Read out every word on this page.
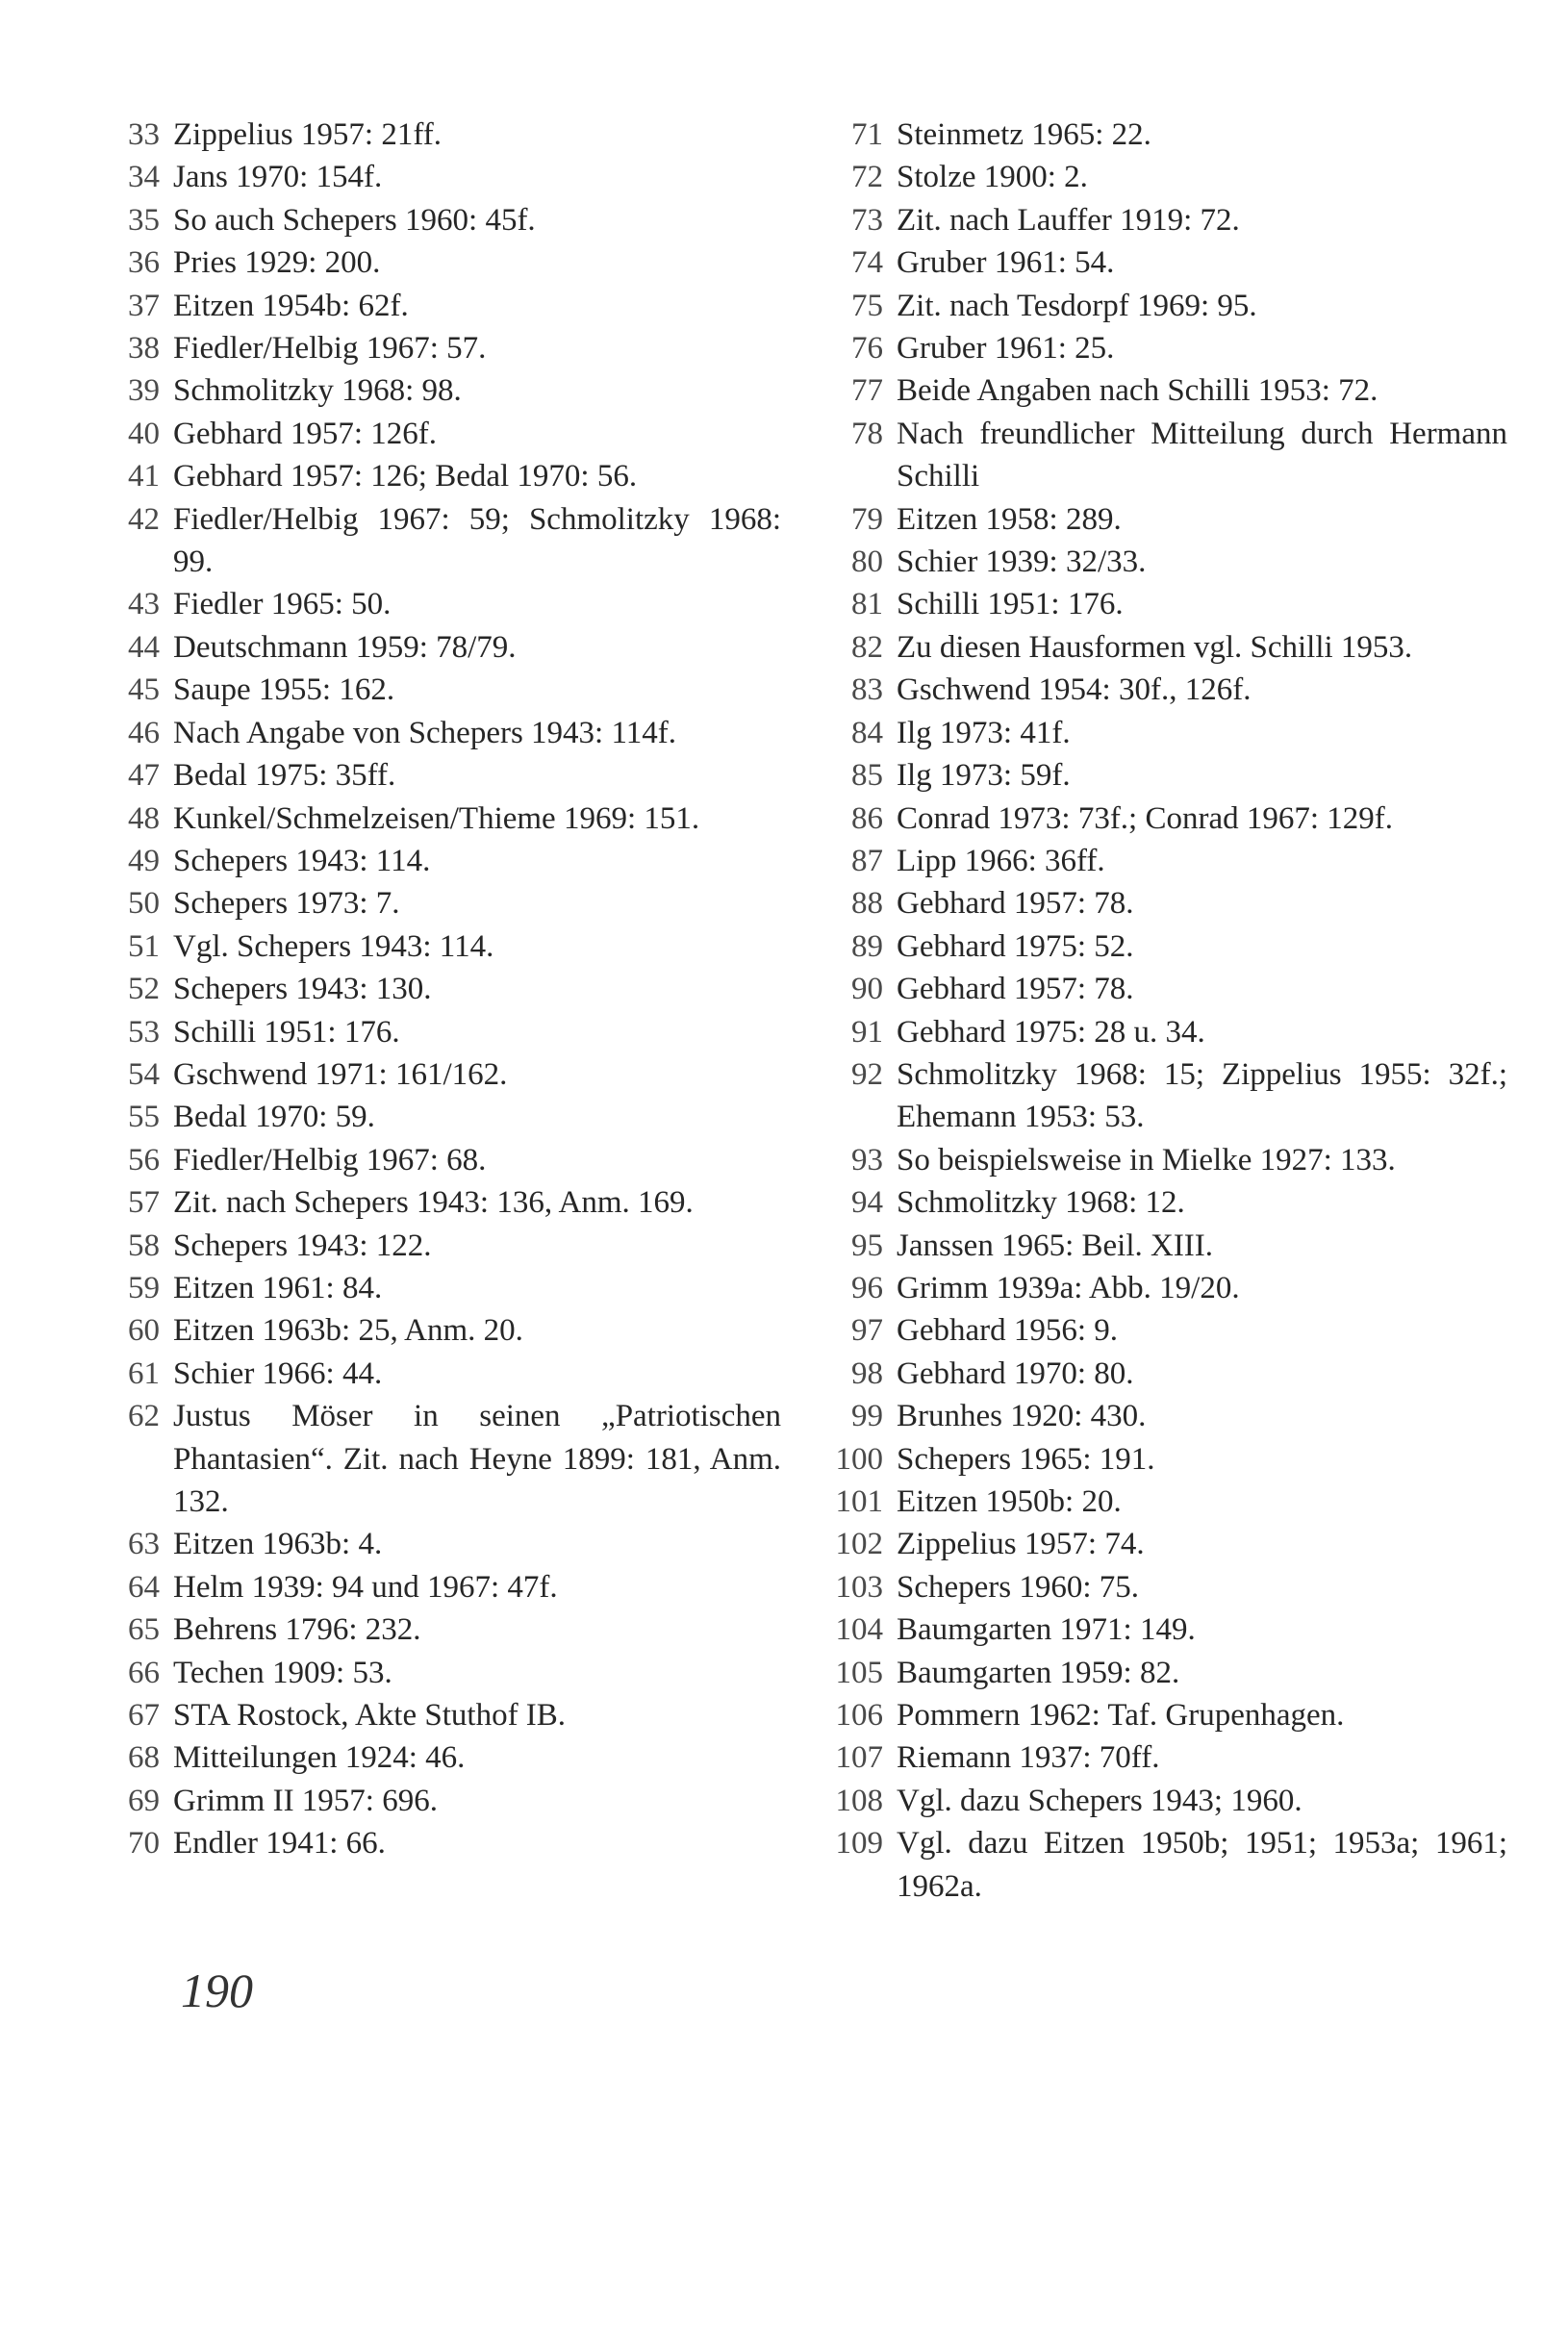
33 Zippelius 1957: 21ff.
34 Jans 1970: 154f.
35 So auch Schepers 1960: 45f.
36 Pries 1929: 200.
37 Eitzen 1954b: 62f.
38 Fiedler/Helbig 1967: 57.
39 Schmolitzky 1968: 98.
40 Gebhard 1957: 126f.
41 Gebhard 1957: 126; Bedal 1970: 56.
42 Fiedler/Helbig 1967: 59; Schmolitzky 1968: 99.
43 Fiedler 1965: 50.
44 Deutschmann 1959: 78/79.
45 Saupe 1955: 162.
46 Nach Angabe von Schepers 1943: 114f.
47 Bedal 1975: 35ff.
48 Kunkel/Schmelzeisen/Thieme 1969: 151.
49 Schepers 1943: 114.
50 Schepers 1973: 7.
51 Vgl. Schepers 1943: 114.
52 Schepers 1943: 130.
53 Schilli 1951: 176.
54 Gschwend 1971: 161/162.
55 Bedal 1970: 59.
56 Fiedler/Helbig 1967: 68.
57 Zit. nach Schepers 1943: 136, Anm. 169.
58 Schepers 1943: 122.
59 Eitzen 1961: 84.
60 Eitzen 1963b: 25, Anm. 20.
61 Schier 1966: 44.
62 Justus Möser in seinen „Patriotischen Phantasien“. Zit. nach Heyne 1899: 181, Anm. 132.
63 Eitzen 1963b: 4.
64 Helm 1939: 94 und 1967: 47f.
65 Behrens 1796: 232.
66 Techen 1909: 53.
67 STA Rostock, Akte Stuthof IB.
68 Mitteilungen 1924: 46.
69 Grimm II 1957: 696.
70 Endler 1941: 66.
71 Steinmetz 1965: 22.
72 Stolze 1900: 2.
73 Zit. nach Lauffer 1919: 72.
74 Gruber 1961: 54.
75 Zit. nach Tesdorpf 1969: 95.
76 Gruber 1961: 25.
77 Beide Angaben nach Schilli 1953: 72.
78 Nach freundlicher Mitteilung durch Hermann Schilli
79 Eitzen 1958: 289.
80 Schier 1939: 32/33.
81 Schilli 1951: 176.
82 Zu diesen Hausformen vgl. Schilli 1953.
83 Gschwend 1954: 30f., 126f.
84 Ilg 1973: 41f.
85 Ilg 1973: 59f.
86 Conrad 1973: 73f.; Conrad 1967: 129f.
87 Lipp 1966: 36ff.
88 Gebhard 1957: 78.
89 Gebhard 1975: 52.
90 Gebhard 1957: 78.
91 Gebhard 1975: 28 u. 34.
92 Schmolitzky 1968: 15; Zippelius 1955: 32f.; Ehemann 1953: 53.
93 So beispielsweise in Mielke 1927: 133.
94 Schmolitzky 1968: 12.
95 Janssen 1965: Beil. XIII.
96 Grimm 1939a: Abb. 19/20.
97 Gebhard 1956: 9.
98 Gebhard 1970: 80.
99 Brunhes 1920: 430.
100 Schepers 1965: 191.
101 Eitzen 1950b: 20.
102 Zippelius 1957: 74.
103 Schepers 1960: 75.
104 Baumgarten 1971: 149.
105 Baumgarten 1959: 82.
106 Pommern 1962: Taf. Grupenhagen.
107 Riemann 1937: 70ff.
108 Vgl. dazu Schepers 1943; 1960.
109 Vgl. dazu Eitzen 1950b; 1951; 1953a; 1961; 1962a.
190
